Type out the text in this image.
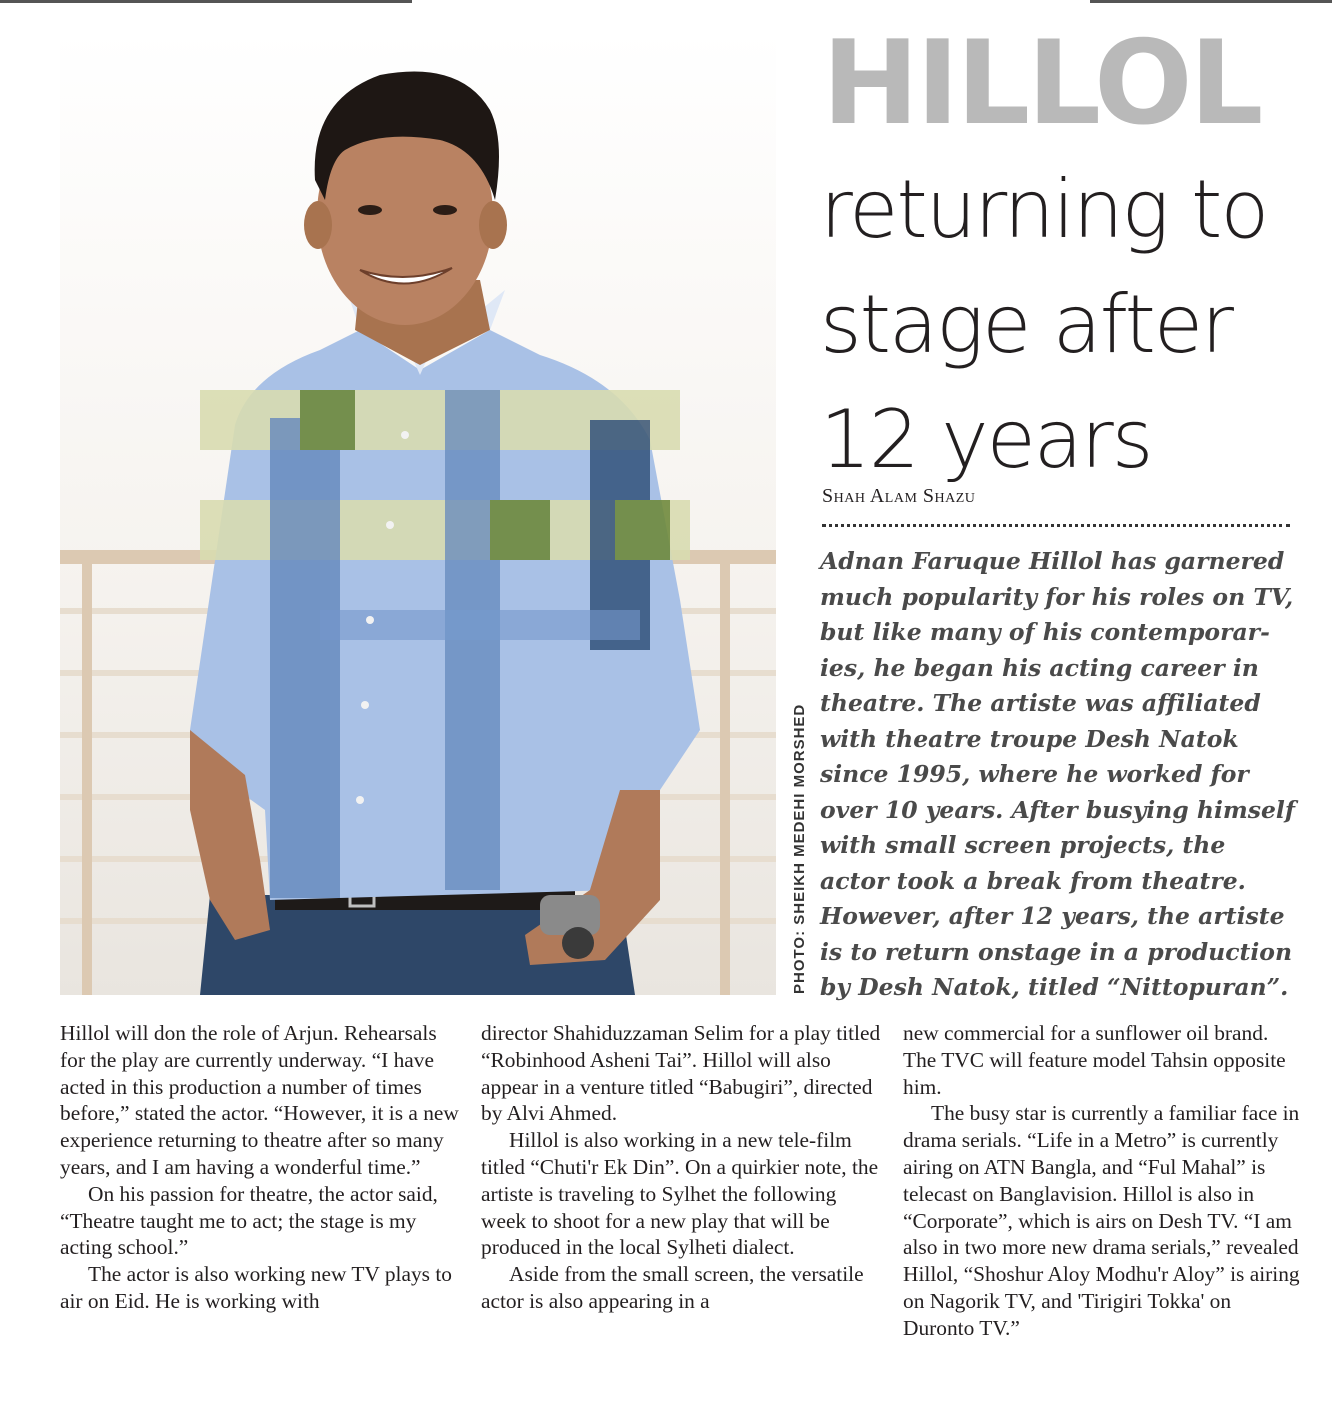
PHOTO: SHEIKH MEDEHI MORSHED
HILLOL
returning to stage after 12 years
Shah Alam Shazu

Adnan Faruque Hillol has garnered much popularity for his roles on TV, but like many of his contemporar-ies, he began his acting career in theatre. The artiste was affiliated with theatre troupe Desh Natok since 1995, where he worked for over 10 years. After busying himself with small screen projects, the actor took a break from theatre. However, after 12 years, the artiste is to return onstage in a production by Desh Natok, titled “Nittopuran”.

Hillol will don the role of Arjun. Rehearsals for the play are currently underway. “I have acted in this production a number of times before,” stated the actor. “However, it is a new experience returning to theatre after so many years, and I am having a wonderful time.”

On his passion for theatre, the actor said, “Theatre taught me to act; the stage is my acting school.”

The actor is also working new TV plays to air on Eid. He is working with

director Shahiduzzaman Selim for a play titled “Robinhood Asheni Tai”. Hillol will also appear in a venture titled “Babugiri”, directed by Alvi Ahmed.

Hillol is also working in a new tele-film titled “Chuti'r Ek Din”. On a quirkier note, the artiste is traveling to Sylhet the following week to shoot for a new play that will be produced in the local Sylheti dialect.

Aside from the small screen, the versatile actor is also appearing in a

new commercial for a sunflower oil brand. The TVC will feature model Tahsin opposite him.

The busy star is currently a familiar face in drama serials. “Life in a Metro” is currently airing on ATN Bangla, and “Ful Mahal” is telecast on Banglavision. Hillol is also in “Corporate”, which is airs on Desh TV. “I am also in two more new drama serials,” revealed Hillol, “Shoshur Aloy Modhu'r Aloy” is airing on Nagorik TV, and 'Tirigiri Tokka' on Duronto TV.”
